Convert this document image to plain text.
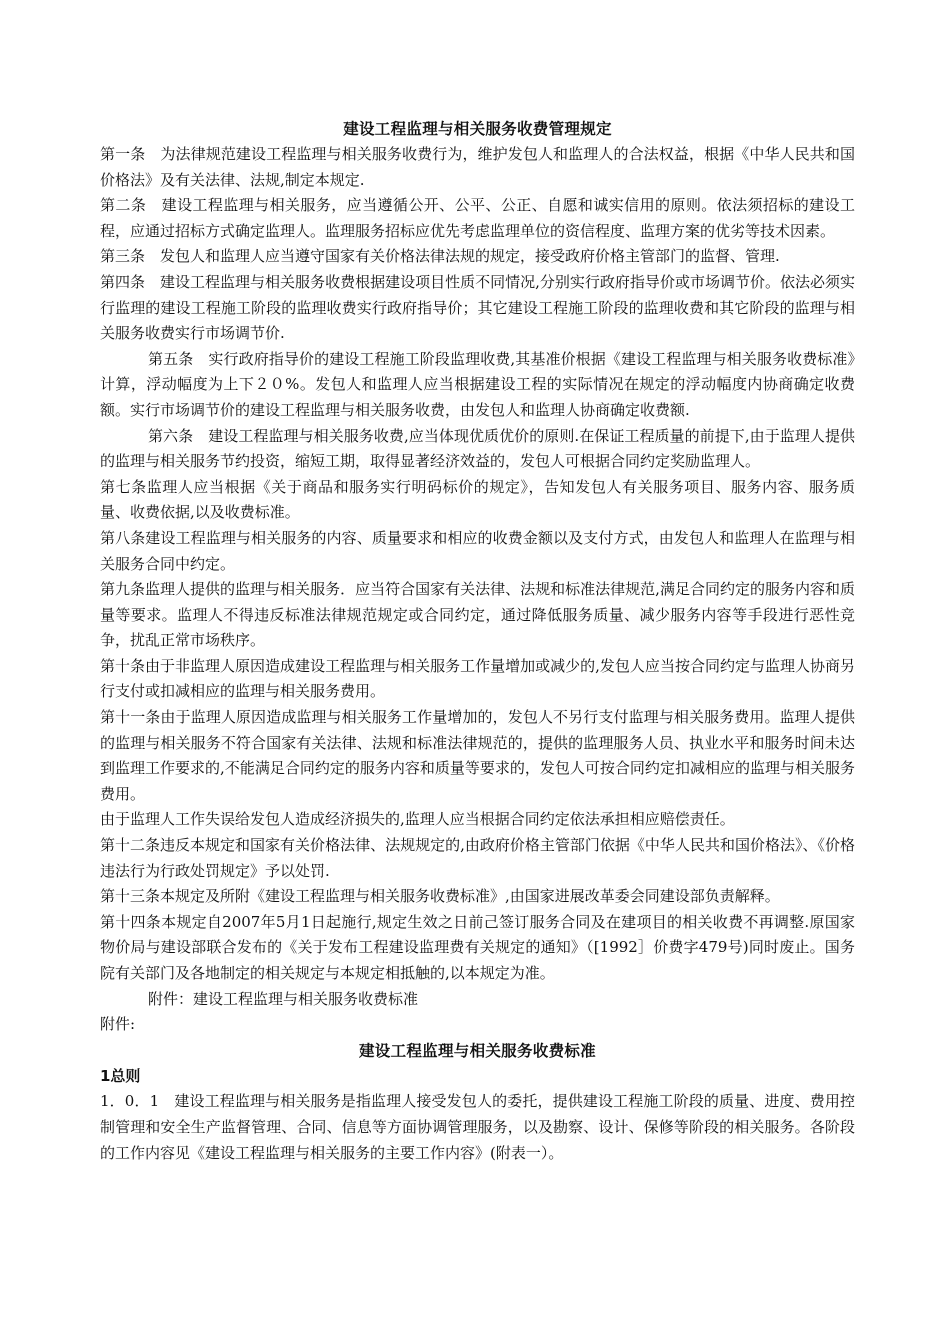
建设工程监理与相关服务收费管理规定

第一条　为法律规范建设工程监理与相关服务收费行为，维护发包人和监理人的合法权益，根据《中华人民共和国价格法》及有关法律、法规,制定本规定.

第二条　建设工程监理与相关服务，应当遵循公开、公平、公正、自愿和诚实信用的原则。依法须招标的建设工程，应通过招标方式确定监理人。监理服务招标应优先考虑监理单位的资信程度、监理方案的优劣等技术因素。

第三条　发包人和监理人应当遵守国家有关价格法律法规的规定，接受政府价格主管部门的监督、管理.

第四条　建设工程监理与相关服务收费根据建设项目性质不同情况,分别实行政府指导价或市场调节价。依法必须实行监理的建设工程施工阶段的监理收费实行政府指导价；其它建设工程施工阶段的监理收费和其它阶段的监理与相关服务收费实行市场调节价.

第五条　实行政府指导价的建设工程施工阶段监理收费,其基准价根据《建设工程监理与相关服务收费标准》计算，浮动幅度为上下２０%。发包人和监理人应当根据建设工程的实际情况在规定的浮动幅度内协商确定收费额。实行市场调节价的建设工程监理与相关服务收费，由发包人和监理人协商确定收费额.

第六条　建设工程监理与相关服务收费,应当体现优质优价的原则.在保证工程质量的前提下,由于监理人提供的监理与相关服务节约投资，缩短工期，取得显著经济效益的，发包人可根据合同约定奖励监理人。

第七条监理人应当根据《关于商品和服务实行明码标价的规定》，告知发包人有关服务项目、服务内容、服务质量、收费依据,以及收费标准。

第八条建设工程监理与相关服务的内容、质量要求和相应的收费金额以及支付方式，由发包人和监理人在监理与相关服务合同中约定。

第九条监理人提供的监理与相关服务．应当符合国家有关法律、法规和标准法律规范,满足合同约定的服务内容和质量等要求。监理人不得违反标准法律规范规定或合同约定，通过降低服务质量、减少服务内容等手段进行恶性竞争，扰乱正常市场秩序。

第十条由于非监理人原因造成建设工程监理与相关服务工作量增加或减少的,发包人应当按合同约定与监理人协商另行支付或扣减相应的监理与相关服务费用。

第十一条由于监理人原因造成监理与相关服务工作量增加的，发包人不另行支付监理与相关服务费用。监理人提供的监理与相关服务不符合国家有关法律、法规和标准法律规范的，提供的监理服务人员、执业水平和服务时间未达到监理工作要求的,不能满足合同约定的服务内容和质量等要求的，发包人可按合同约定扣减相应的监理与相关服务费用。

由于监理人工作失误给发包人造成经济损失的,监理人应当根据合同约定依法承担相应赔偿责任。

第十二条违反本规定和国家有关价格法律、法规规定的,由政府价格主管部门依据《中华人民共和国价格法》、《价格违法行为行政处罚规定》予以处罚.

第十三条本规定及所附《建设工程监理与相关服务收费标准》,由国家进展改革委会同建设部负责解释。

第十四条本规定自2007年5月1日起施行,规定生效之日前己签订服务合同及在建项目的相关收费不再调整.原国家物价局与建设部联合发布的《关于发布工程建设监理费有关规定的通知》（[1992］价费字479号)同时废止。国务院有关部门及各地制定的相关规定与本规定相抵触的,以本规定为准。

附件：建设工程监理与相关服务收费标准

附件:

建设工程监理与相关服务收费标准

1总则

1．0．1　建设工程监理与相关服务是指监理人接受发包人的委托，提供建设工程施工阶段的质量、进度、费用控制管理和安全生产监督管理、合同、信息等方面协调管理服务，以及勘察、设计、保修等阶段的相关服务。各阶段的工作内容见《建设工程监理与相关服务的主要工作内容》(附表一）。
